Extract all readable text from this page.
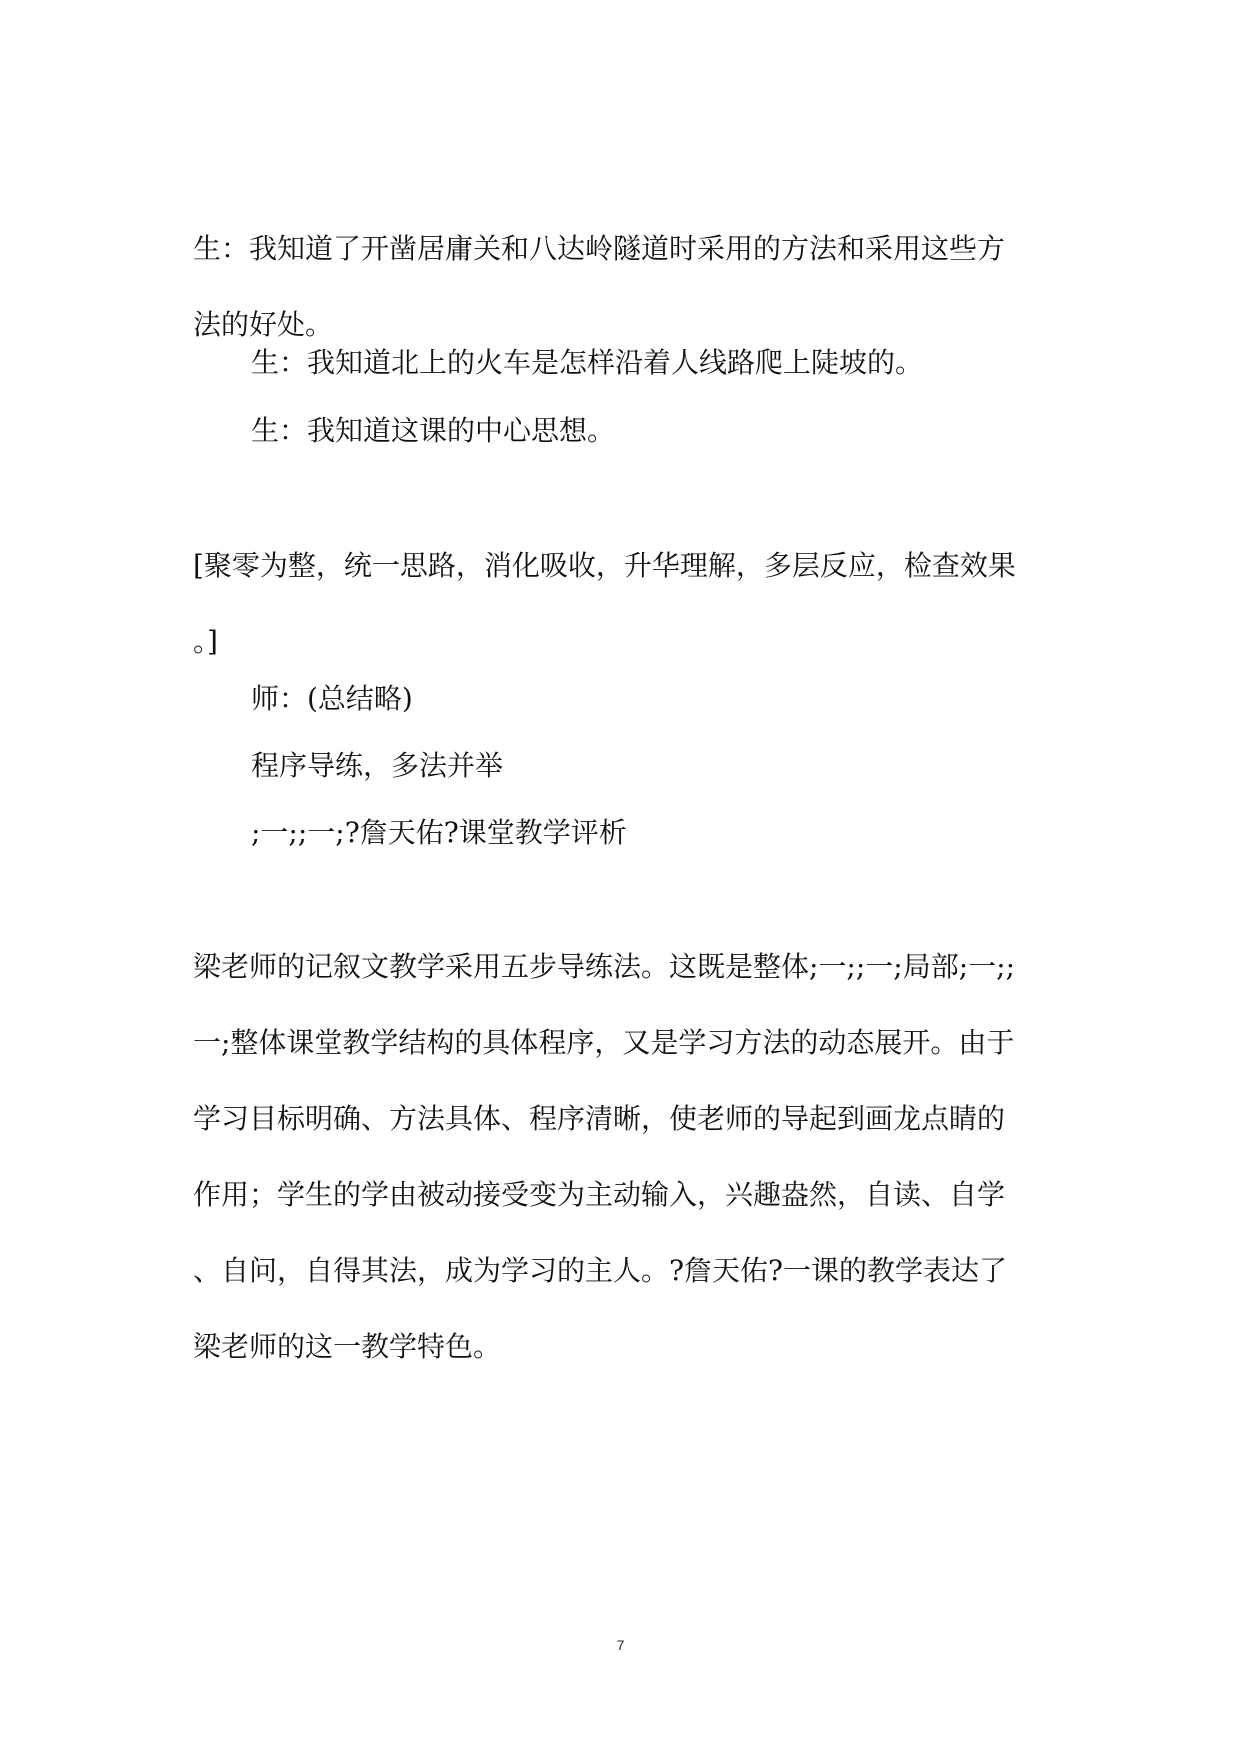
生：我知道了开凿居庸关和八达岭隧道时采用的方法和采用这些方
法的好处。

生：我知道北上的火车是怎样沿着人线路爬上陡坡的。

生：我知道这课的中心思想。

[聚零为整，统一思路，消化吸收，升华理解，多层反应，检查效果
。]

师：(总结略)

程序导练，多法并举

;一;;一;?詹天佑?课堂教学评析

梁老师的记叙文教学采用五步导练法。这既是整体;一;;一;局部;一;;
一;整体课堂教学结构的具体程序，又是学习方法的动态展开。由于
学习目标明确、方法具体、程序清晰，使老师的导起到画龙点睛的
作用；学生的学由被动接受变为主动输入，兴趣盎然，自读、自学
、自问，自得其法，成为学习的主人。?詹天佑?一课的教学表达了
梁老师的这一教学特色。

7
